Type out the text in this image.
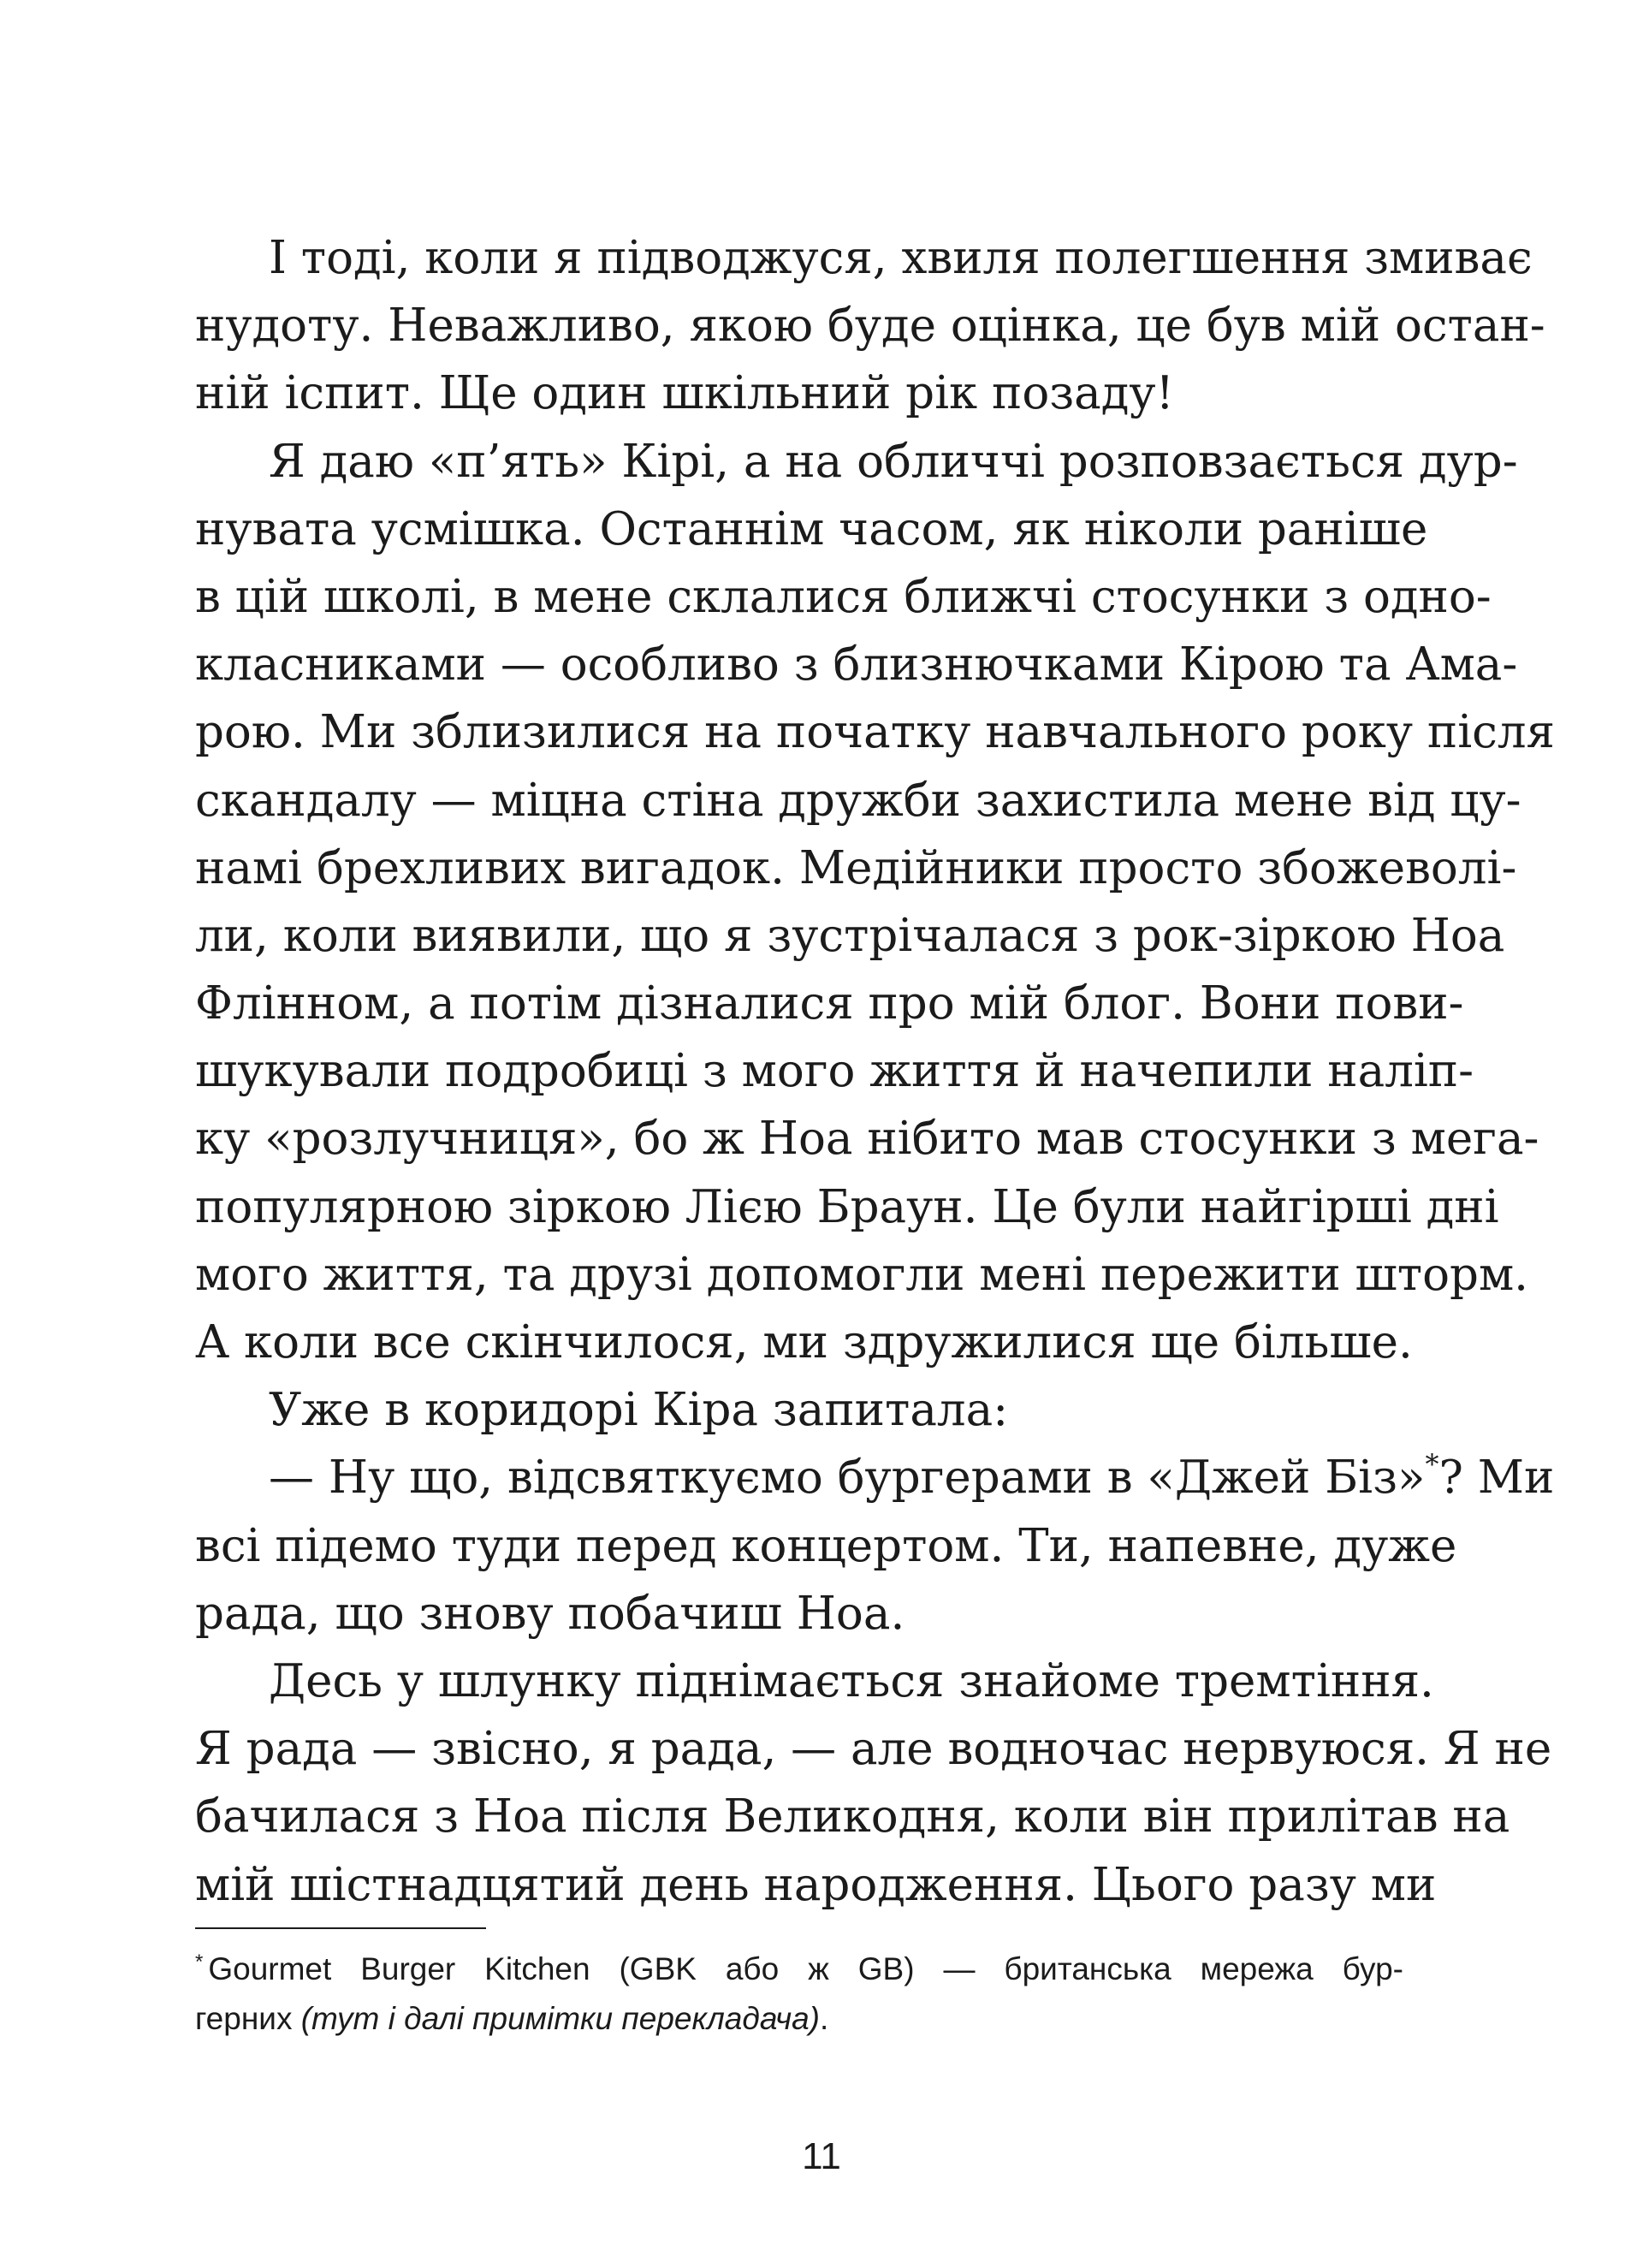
І тоді, коли я підводжуся, хвиля полегшення змиває
нудоту. Неважливо, якою буде оцінка, це був мій остан-
ній іспит. Ще один шкільний рік позаду!
Я даю «п’ять» Кірі, а на обличчі розповзається дур-
нувата усмішка. Останнім часом, як ніколи раніше
в цій школі, в мене склалися ближчі стосунки з одно-
класниками — особливо з близнючками Кірою та Ама-
рою. Ми зблизилися на початку навчального року після
скандалу — міцна стіна дружби захистила мене від цу-
намі брехливих вигадок. Медійники просто збожеволі-
ли, коли виявили, що я зустрічалася з рок-зіркою Ноа
Флінном, а потім дізналися про мій блог. Вони пови-
шукували подробиці з мого життя й начепили наліп-
ку «розлучниця», бо ж Ноа нібито мав стосунки з мега-
популярною зіркою Лією Браун. Це були найгірші дні
мого життя, та друзі допомогли мені пережити шторм.
А коли все скінчилося, ми здружилися ще більше.
Уже в коридорі Кіра запитала:
— Ну що, відсвяткуємо бургерами в «Джей Біз»*? Ми
всі підемо туди перед концертом. Ти, напевне, дуже
рада, що знову побачиш Ноа.
Десь у шлунку піднімається знайоме тремтіння.
Я рада — звісно, я рада, — але водночас нервуюся. Я не
бачилася з Ноа після Великодня, коли він прилітав на
мій шістнадцятий день народження. Цього разу ми
* Gourmet Burger Kitchen (GBK або ж GB) — британська мережа бур-
герних (тут і далі примітки перекладача).
11
